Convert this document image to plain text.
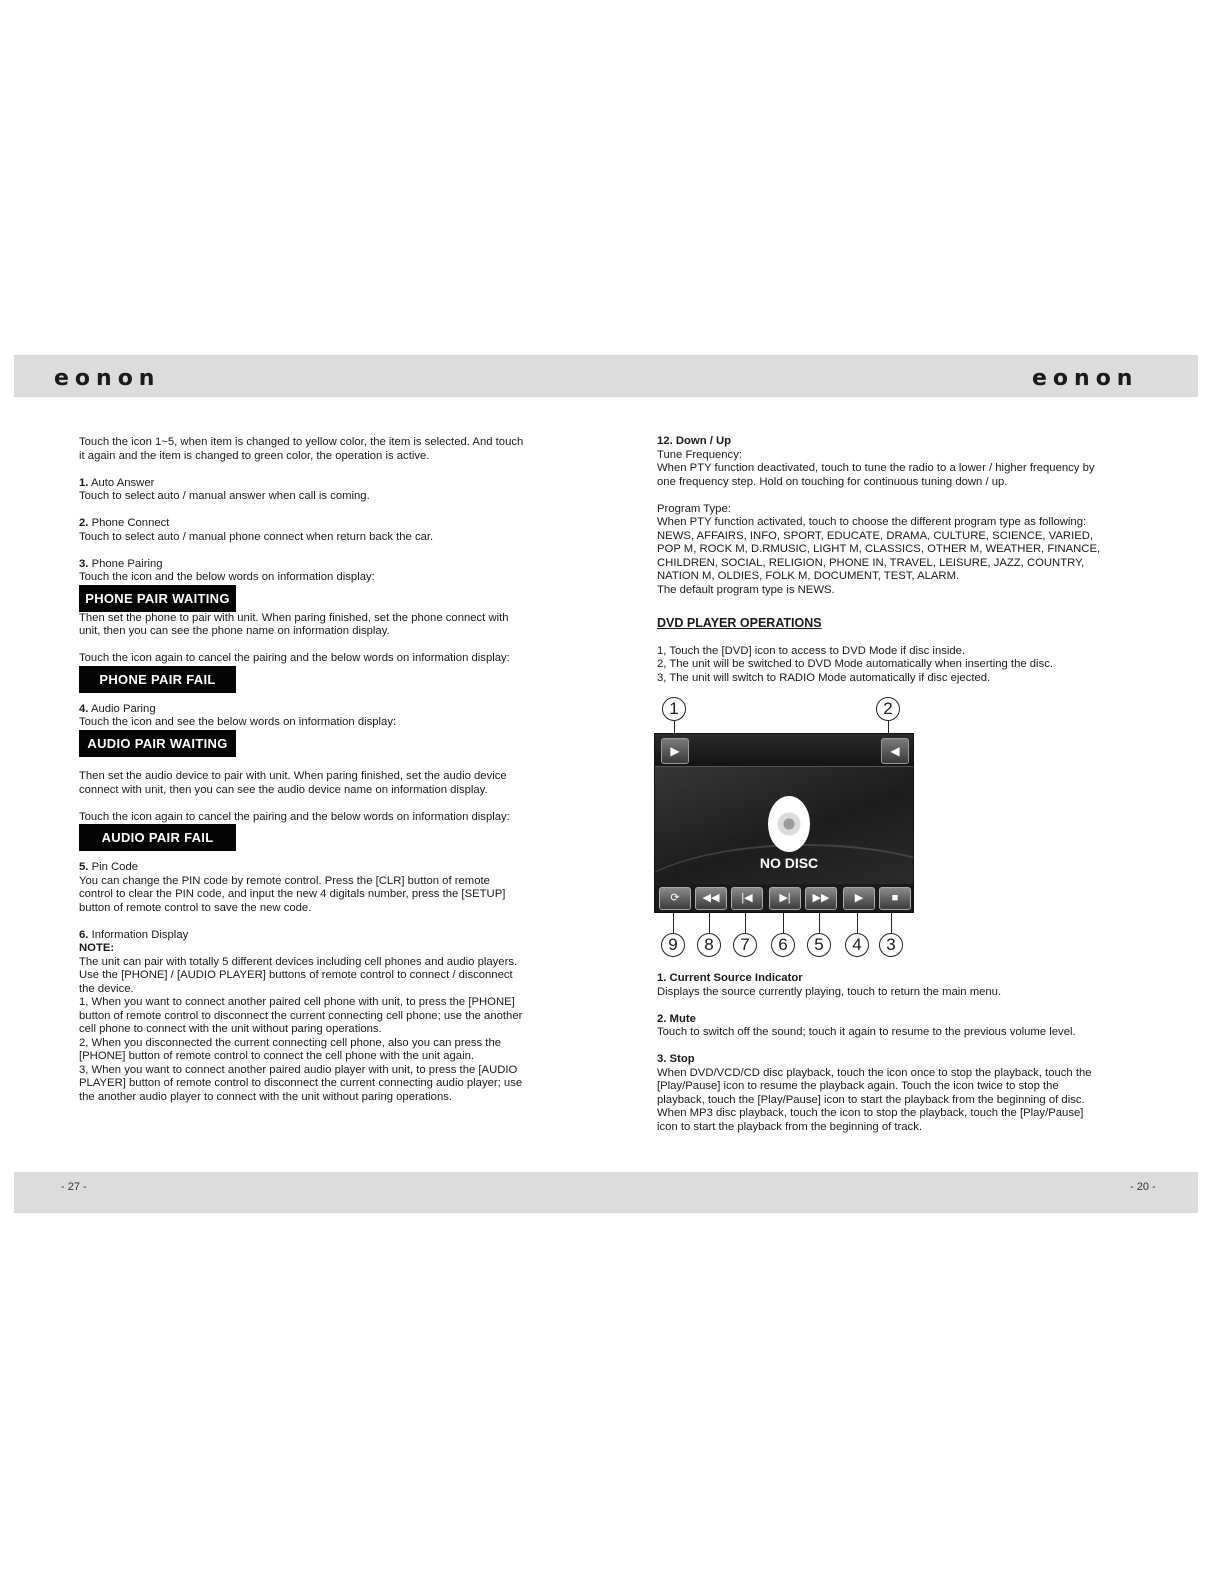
eonon	eonon

Touch the icon 1~5, when item is changed to yellow color, the item is selected. And touch it again and the item is changed to green color, the operation is active.

1. Auto Answer

Touch to select auto / manual answer when call is coming.

2. Phone Connect

Touch to select auto / manual phone connect when return back the car.

3. Phone Pairing

Touch the icon and the below words on information display:

PHONE PAIR WAITING

Then set the phone to pair with unit. When paring finished, set the phone connect with unit, then you can see the phone name on information display.

Touch the icon again to cancel the pairing and the below words on information display:

PHONE PAIR FAIL

4. Audio Paring

Touch the icon and see the below words on information display:

AUDIO PAIR WAITING

Then set the audio device to pair with unit. When paring finished, set the audio device connect with unit, then you can see the audio device name on information display.

Touch the icon again to cancel the pairing and the below words on information display:

AUDIO PAIR FAIL

5. Pin Code

You can change the PIN code by remote control. Press the [CLR] button of remote control to clear the PIN code, and input the new 4 digitals number, press the [SETUP] button of remote control to save the new code.

6. Information Display

NOTE:

The unit can pair with totally 5 different devices including cell phones and audio players. Use the [PHONE] / [AUDIO PLAYER] buttons of remote control to connect / disconnect the device.

1, When you want to connect another paired cell phone with unit, to press the [PHONE] button of remote control to disconnect the current connecting cell phone; use the another cell phone to connect with the unit without paring operations.

2, When you disconnected the current connecting cell phone, also you can press the [PHONE] button of remote control to connect the cell phone with the unit again.

3, When you want to connect another paired audio player with unit, to press the [AUDIO PLAYER] button of remote control to disconnect the current connecting audio player; use the another audio player to connect with the unit without paring operations.

12. Down / Up

Tune Frequency:

When PTY function deactivated, touch to tune the radio to a lower / higher frequency by one frequency step. Hold on touching for continuous tuning down / up.

Program Type:

When PTY function activated, touch to choose the different program type as following: NEWS, AFFAIRS, INFO, SPORT, EDUCATE, DRAMA, CULTURE, SCIENCE, VARIED, POP M, ROCK M, D.RMUSIC, LIGHT M, CLASSICS, OTHER M, WEATHER, FINANCE, CHILDREN, SOCIAL, RELIGION, PHONE IN, TRAVEL, LEISURE, JAZZ, COUNTRY, NATION M, OLDIES, FOLK M, DOCUMENT, TEST, ALARM.

The default program type is NEWS.

DVD PLAYER OPERATIONS

1, Touch the [DVD] icon to access to DVD Mode if disc inside.

2, The unit will be switched to DVD Mode automatically when inserting the disc.

3, The unit will switch to RADIO Mode automatically if disc ejected.

1	2
▶	◀
NO DISC
⟳	◀◀	|◀	▶|	▶▶	▶	■
9	8	7	6	5	4	3

1. Current Source Indicator

Displays the source currently playing, touch to return the main menu.

2. Mute

Touch to switch off the sound; touch it again to resume to the previous volume level.

3. Stop

When DVD/VCD/CD disc playback, touch the icon once to stop the playback, touch the [Play/Pause] icon to resume the playback again. Touch the icon twice to stop the playback, touch the [Play/Pause] icon to start the playback from the beginning of disc. When MP3 disc playback, touch the icon to stop the playback, touch the [Play/Pause] icon to start the playback from the beginning of track.

- 27 -	- 20 -
